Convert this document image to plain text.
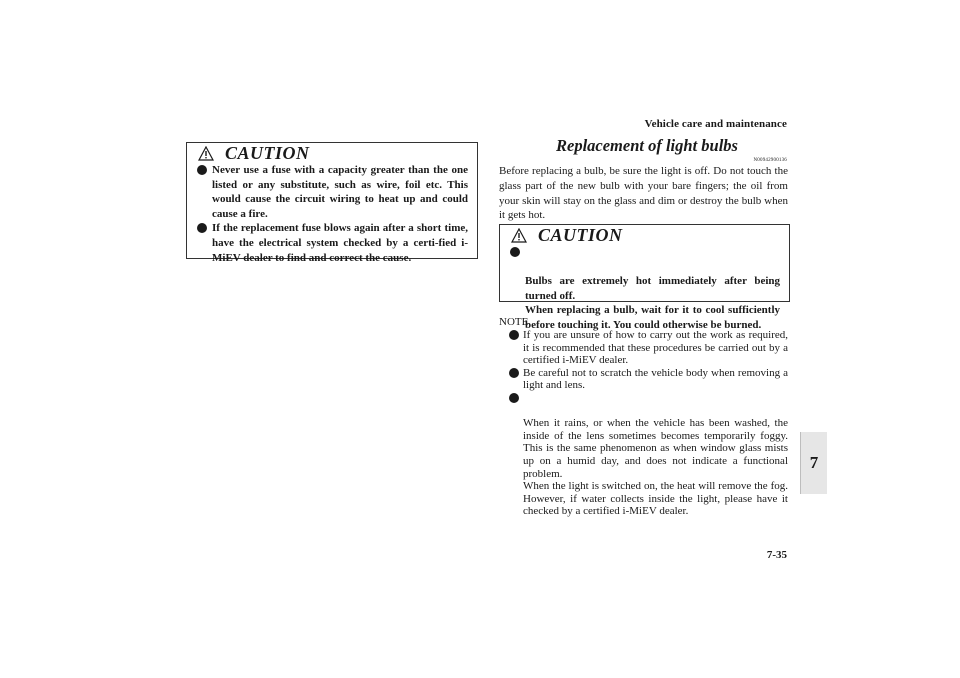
Vehicle care and maintenance
7
7-35
CAUTION
Never use a fuse with a capacity greater than the one listed or any substitute, such as wire, foil etc. This would cause the circuit wiring to heat up and could cause a fire.
If the replacement fuse blows again after a short time, have the electrical system checked by a certi-fied i-MiEV dealer to find and correct the cause.
Replacement of light bulbs
N00942900136

Before replacing a bulb, be sure the light is off. Do not touch the glass part of the new bulb with your bare fingers; the oil from your skin will stay on the glass and dim or destroy the bulb when it gets hot.

CAUTION

Bulbs are extremely hot immediately after being turned off.
When replacing a bulb, wait for it to cool sufficiently before touching it. You could otherwise be burned.

NOTE
If you are unsure of how to carry out the work as required, it is recommended that these procedures be carried out by a certified i-MiEV dealer.
Be careful not to scratch the vehicle body when removing a light and lens.

When it rains, or when the vehicle has been washed, the inside of the lens sometimes becomes temporarily foggy. This is the same phenomenon as when window glass mists up on a humid day, and does not indicate a functional problem.
When the light is switched on, the heat will remove the fog. However, if water collects inside the light, please have it checked by a certified i-MiEV dealer.
